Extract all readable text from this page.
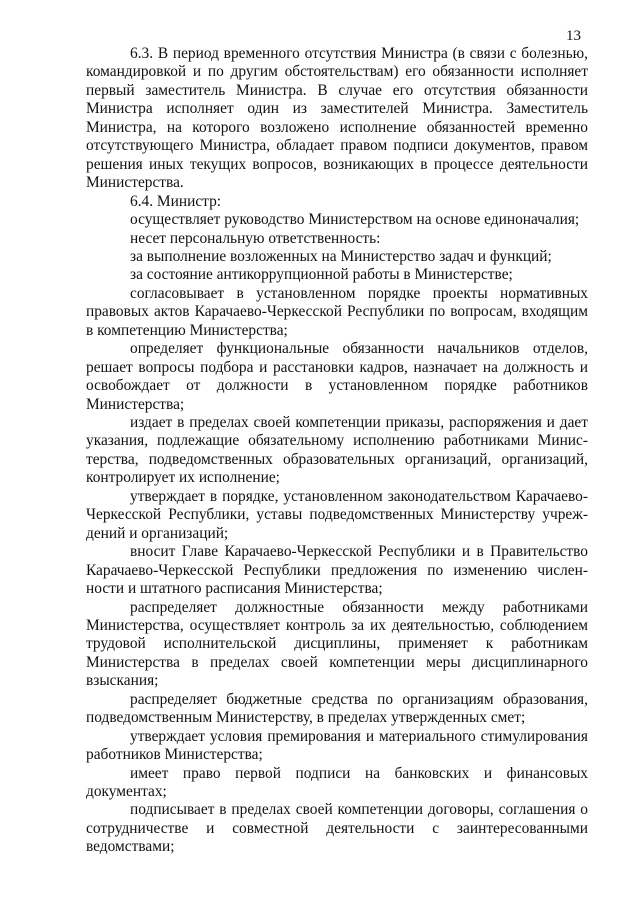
13
6.3. В период временного отсутствия Министра (в связи с болезнью,
командировкой и по другим обстоятельствам) его обязанности исполняет
первый заместитель Министра. В случае его отсутствия обязанности
Министра исполняет один из заместителей Министра. Заместитель
Министра, на которого возложено исполнение обязанностей временно
отсутствующего Министра, обладает правом подписи документов, правом
решения иных текущих вопросов, возникающих в процессе деятельности
Министерства.
6.4. Министр:
осуществляет руководство Министерством на основе единоначалия;
несет персональную ответственность:
за выполнение возложенных на Министерство задач и функций;
за состояние антикоррупционной работы в Министерстве;
согласовывает в установленном порядке проекты нормативных
правовых актов Карачаево-Черкесской Республики по вопросам, входящим
в компетенцию Министерства;
определяет функциональные обязанности начальников отделов,
решает вопросы подбора и расстановки кадров, назначает на должность и
освобождает от должности в установленном порядке работников
Министерства;
издает в пределах своей компетенции приказы, распоряжения и дает
указания, подлежащие обязательному исполнению работниками Минис-
терства, подведомственных образовательных организаций, организаций,
контролирует их исполнение;
утверждает в порядке, установленном законодательством Карачаево-
Черкесской Республики, уставы подведомственных Министерству учреж-
дений и организаций;
вносит Главе Карачаево-Черкесской Республики и в Правительство
Карачаево-Черкесской Республики предложения по изменению числен-
ности и штатного расписания Министерства;
распределяет должностные обязанности между работниками
Министерства, осуществляет контроль за их деятельностью, соблюдением
трудовой исполнительской дисциплины, применяет к работникам
Министерства в пределах своей компетенции меры дисциплинарного
взыскания;
распределяет бюджетные средства по организациям образования,
подведомственным Министерству, в пределах утвержденных смет;
утверждает условия премирования и материального стимулирования
работников Министерства;
имеет право первой подписи на банковских и финансовых
документах;
подписывает в пределах своей компетенции договоры, соглашения о
сотрудничестве и совместной деятельности с заинтересованными
ведомствами;
